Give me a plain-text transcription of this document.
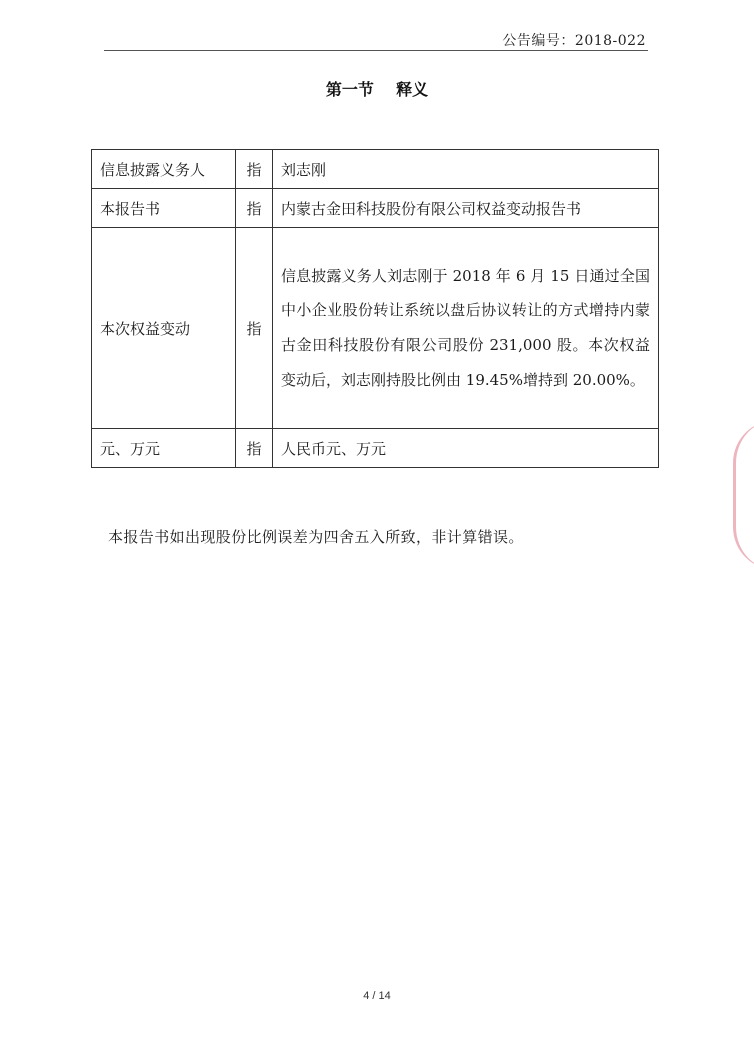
公告编号：2018-022
第一节    释义
信息披露义务人	指	刘志刚
本报告书	指	内蒙古金田科技股份有限公司权益变动报告书
本次权益变动	指	信息披露义务人刘志刚于 2018 年 6 月 15 日通过全国中小企业股份转让系统以盘后协议转让的方式增持内蒙古金田科技股份有限公司股份 231,000 股。本次权益变动后，刘志刚持股比例由 19.45%增持到 20.00%。
元、万元	指	人民币元、万元
本报告书如出现股份比例误差为四舍五入所致，非计算错误。
4 / 14
